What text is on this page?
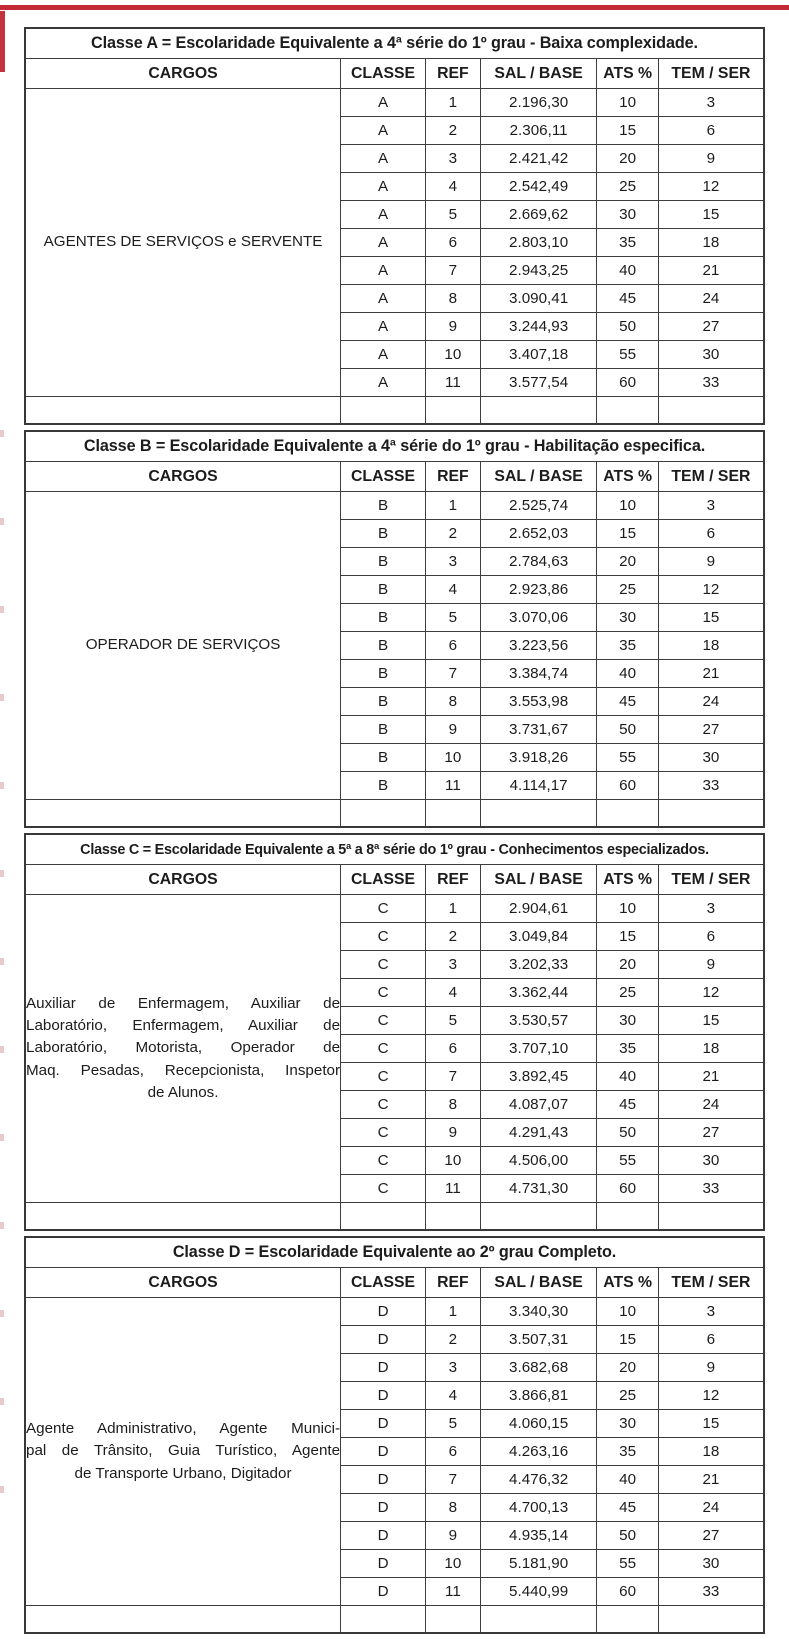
Classe A = Escolaridade Equivalente a 4ª série do 1º grau - Baixa complexidade.					
CARGOS	CLASSE	REF	SAL / BASE	ATS %	TEM / SER

AGENTES DE SERVIÇOS e SERVENTE	A	1	2.196,30	10	3
	A	2	2.306,11	15	6
	A	3	2.421,42	20	9
	A	4	2.542,49	25	12
	A	5	2.669,62	30	15
	A	6	2.803,10	35	18
	A	7	2.943,25	40	21
	A	8	3.090,41	45	24
	A	9	3.244,93	50	27
	A	10	3.407,18	55	30
	A	11	3.577,54	60	33

Classe B = Escolaridade Equivalente a 4ª série do 1º grau - Habilitação especifica.					
CARGOS	CLASSE	REF	SAL / BASE	ATS %	TEM / SER

OPERADOR DE SERVIÇOS	B	1	2.525,74	10	3
	B	2	2.652,03	15	6
	B	3	2.784,63	20	9
	B	4	2.923,86	25	12
	B	5	3.070,06	30	15
	B	6	3.223,56	35	18
	B	7	3.384,74	40	21
	B	8	3.553,98	45	24
	B	9	3.731,67	50	27
	B	10	3.918,26	55	30
	B	11	4.114,17	60	33

Classe C = Escolaridade Equivalente a 5ª a 8ª série do 1º grau - Conhecimentos especializados.					
CARGOS	CLASSE	REF	SAL / BASE	ATS %	TEM / SER

Auxiliar de Enfermagem, Auxiliar de
Laboratório, Enfermagem, Auxiliar de
Laboratório, Motorista, Operador de
Maq. Pesadas, Recepcionista, Inspetor
de Alunos.	C	1	2.904,61	10	3
	C	2	3.049,84	15	6
	C	3	3.202,33	20	9
	C	4	3.362,44	25	12
	C	5	3.530,57	30	15
	C	6	3.707,10	35	18
	C	7	3.892,45	40	21
	C	8	4.087,07	45	24
	C	9	4.291,43	50	27
	C	10	4.506,00	55	30
	C	11	4.731,30	60	33

Classe D = Escolaridade Equivalente ao 2º grau Completo.					
CARGOS	CLASSE	REF	SAL / BASE	ATS %	TEM / SER

Agente Administrativo, Agente Munici-
pal de Trânsito, Guia Turístico, Agente
de Transporte Urbano, Digitador	D	1	3.340,30	10	3
	D	2	3.507,31	15	6
	D	3	3.682,68	20	9
	D	4	3.866,81	25	12
	D	5	4.060,15	30	15
	D	6	4.263,16	35	18
	D	7	4.476,32	40	21
	D	8	4.700,13	45	24
	D	9	4.935,14	50	27
	D	10	5.181,90	55	30
	D	11	5.440,99	60	33
